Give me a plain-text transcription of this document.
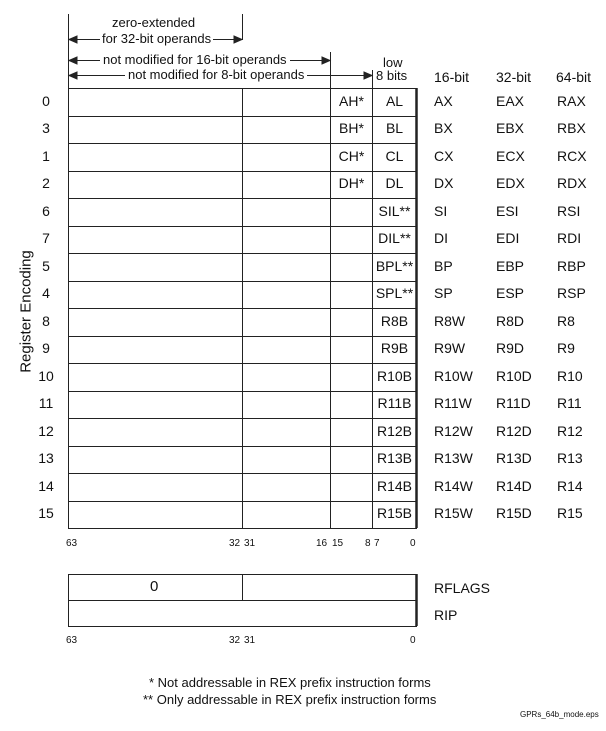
Register Encoding
zero-extended
for 32-bit operands
not modified for 16-bit operands
not modified for 8-bit operands
low
8 bits 16-bit 32-bit 64-bit
0	AH*	AL	AX	EAX RAX
3	BH*	BL	BX	EBX RBX
1	CH*	CL	CX	ECX RCX
2	DH*	DL	DX	EDX RDX
6	SIL**	SI	ESI	RSI
7	DIL**	DI	EDI	RDI
5	BPL** BP	EBP RBP
4	SPL** SP	ESP RSP
8	R8B	R8W R8D R8
9	R9B	R9W R9D R9
10	R10B R10W R10D R10
11	R11B	R11W R11D R11
12	R12B R12W R12D R12
13	R13B R13W R13D R13
14	R14B R14W R14D R14
15	R15B R15W R15D R15
63	32 31	16 15 8 7	0
0	RFLAGS
RIP
63	32 31	0
* Not addressable in REX prefix instruction forms
** Only addressable in REX prefix instruction forms
GPRs_64b_mode.eps
